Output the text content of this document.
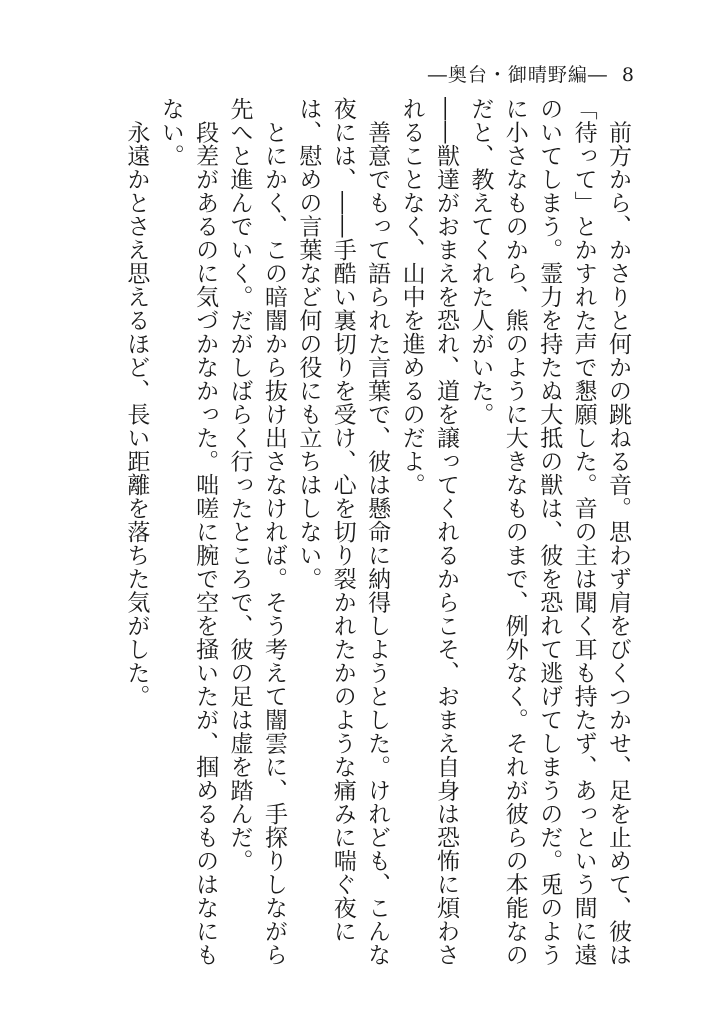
―奥台・御晴野編― 8

　前方から、かさりと何かの跳ねる音。思わず肩をびくつかせ、足を止めて、彼は「待って」とかすれた声で懇願した。音の主は聞く耳も持たず、あっという間に遠のいてしまう。霊力を持たぬ大抵の獣は、彼を恐れて逃げてしまうのだ。兎のように小さなものから、熊のように大きなものまで、例外なく。それが彼らの本能なのだと、教えてくれた人がいた。

――獣達がおまえを恐れ、道を譲ってくれるからこそ、おまえ自身は恐怖に煩わされることなく、山中を進めるのだよ。

　善意でもって語られた言葉で、彼は懸命に納得しようとした。けれども、こんな夜には、――手酷い裏切りを受け、心を切り裂かれたかのような痛みに喘ぐ夜には、慰めの言葉など何の役にも立ちはしない。

　とにかく、この暗闇から抜け出さなければ。そう考えて闇雲に、手探りしながら先へと進んでいく。だがしばらく行ったところで、彼の足は虚を踏んだ。

　段差があるのに気づかなかった。咄嗟に腕で空を掻いたが、掴めるものはなにもない。

　永遠かとさえ思えるほど、長い距離を落ちた気がした。
